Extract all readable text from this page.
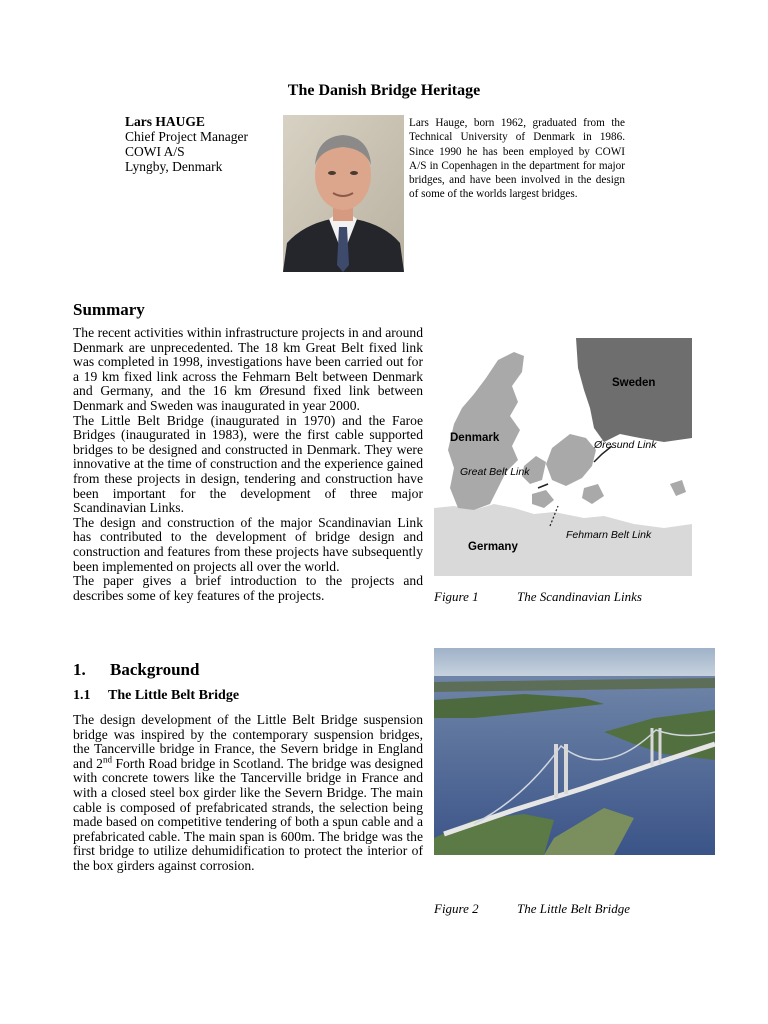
The Danish Bridge Heritage
Lars HAUGE
Chief Project Manager
COWI A/S
Lyngby, Denmark
Lars Hauge, born 1962, graduated from the Technical University of Denmark in 1986. Since 1990 he has been employed by COWI A/S in Copenhagen in the department for major bridges, and have been involved in the design of some of the worlds largest bridges.
Summary

The recent activities within infrastructure projects in and around Denmark are unprecedented. The 18 km Great Belt fixed link was completed in 1998, investigations have been carried out for a 19 km fixed link across the Fehmarn Belt between Denmark and Germany, and the 16 km Øresund fixed link between Denmark and Sweden was inaugurated in year 2000.

The Little Belt Bridge (inaugurated in 1970) and the Faroe Bridges (inaugurated in 1983), were the first cable supported bridges to be designed and constructed in Denmark. They were innovative at the time of construction and the experience gained from these projects in design, tendering and construction have been important for the development of three major Scandinavian Links.

The design and construction of the major Scandinavian Link has contributed to the development of bridge design and construction and features from these projects have subsequently been implemented on projects all over the world.

The paper gives a brief introduction to the projects and describes some of key features of the projects.

1. Background
1.1 The Little Belt Bridge

The design development of the Little Belt Bridge suspension bridge was inspired by the contemporary suspension bridges, the Tancerville bridge in France, the Severn bridge in England and 2nd Forth Road bridge in Scotland. The bridge was designed with concrete towers like the Tancerville bridge in France and with a closed steel box girder like the Severn Bridge. The main cable is composed of prefabricated strands, the selection being made based on competitive tendering of both a spun cable and a prefabricated cable. The main span is 600m. The bridge was the first bridge to utilize dehumidification to protect the interior of the box girders against corrosion.

Sweden
Denmark
Germany
Øresund Link
Great Belt Link
Fehmarn Belt Link
Figure 1	The Scandinavian Links
Figure 2	The Little Belt Bridge
